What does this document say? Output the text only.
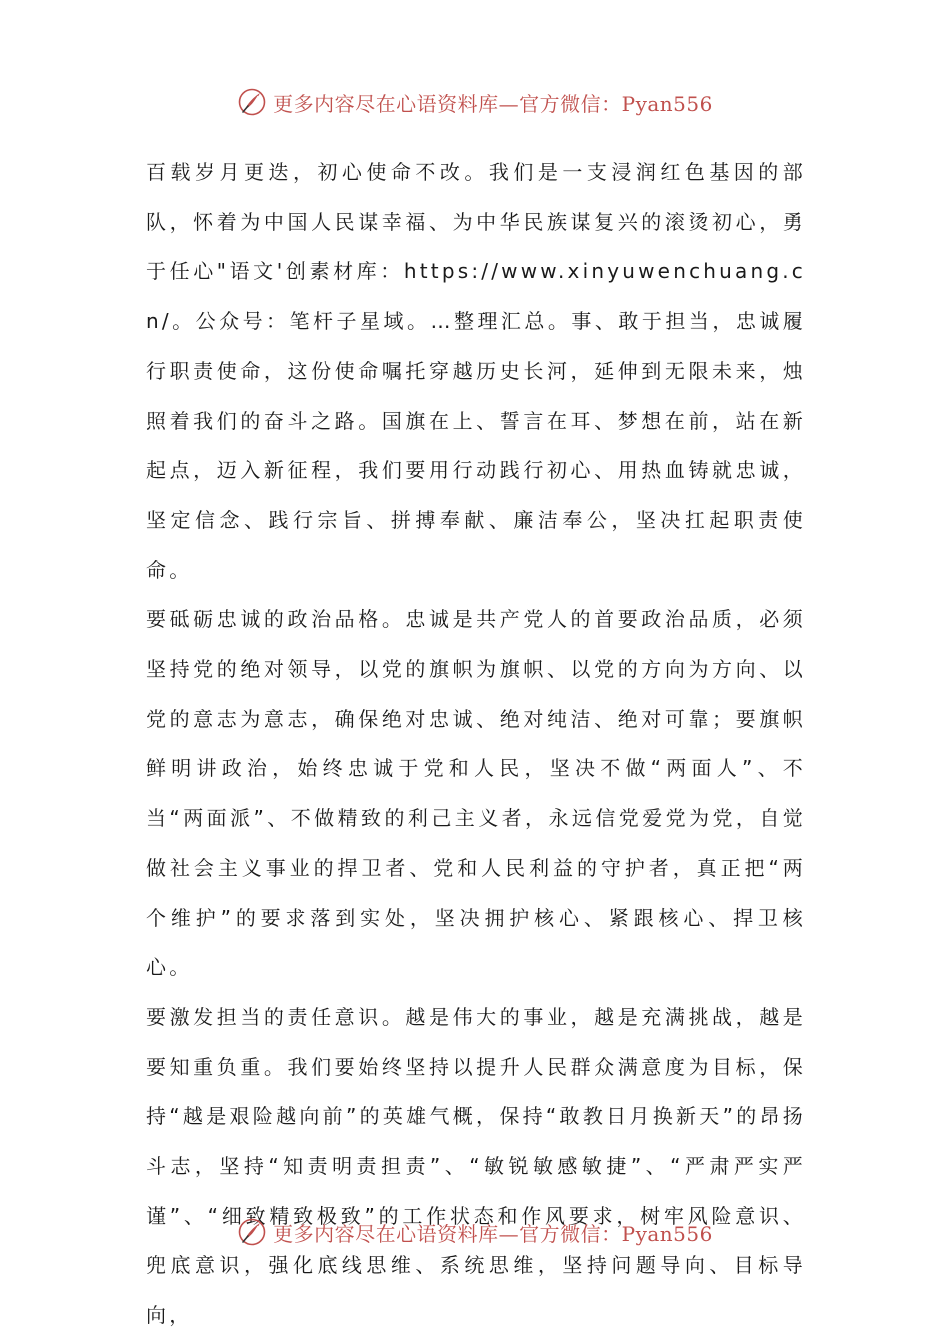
更多内容尽在心语资料库—官方微信：Pyan556

百载岁月更迭，初心使命不改。我们是一支浸润红色基因的部队，怀着为中国人民谋幸福、为中华民族谋复兴的滚烫初心，勇于任心"语文'创素材库：https://www.xinyuwenchuang.cn/。公众号：笔杆子星域。…整理汇总。事、敢于担当，忠诚履行职责使命，这份使命嘱托穿越历史长河，延伸到无限未来，烛照着我们的奋斗之路。国旗在上、誓言在耳、梦想在前，站在新起点，迈入新征程，我们要用行动践行初心、用热血铸就忠诚，坚定信念、践行宗旨、拼搏奉献、廉洁奉公，坚决扛起职责使命。

要砥砺忠诚的政治品格。忠诚是共产党人的首要政治品质，必须坚持党的绝对领导，以党的旗帜为旗帜、以党的方向为方向、以党的意志为意志，确保绝对忠诚、绝对纯洁、绝对可靠；要旗帜鲜明讲政治，始终忠诚于党和人民，坚决不做“两面人”、不当“两面派”、不做精致的利己主义者，永远信党爱党为党，自觉做社会主义事业的捍卫者、党和人民利益的守护者，真正把“两个维护”的要求落到实处，坚决拥护核心、紧跟核心、捍卫核心。

要激发担当的责任意识。越是伟大的事业，越是充满挑战，越是要知重负重。我们要始终坚持以提升人民群众满意度为目标，保持“越是艰险越向前”的英雄气概，保持“敢教日月换新天”的昂扬斗志，坚持“知责明责担责”、“敏锐敏感敏捷”、“严肃严实严谨”、“细致精致极致”的工作状态和作风要求，树牢风险意识、兜底意识，强化底线思维、系统思维，坚持问题导向、目标导向，

更多内容尽在心语资料库—官方微信：Pyan556
